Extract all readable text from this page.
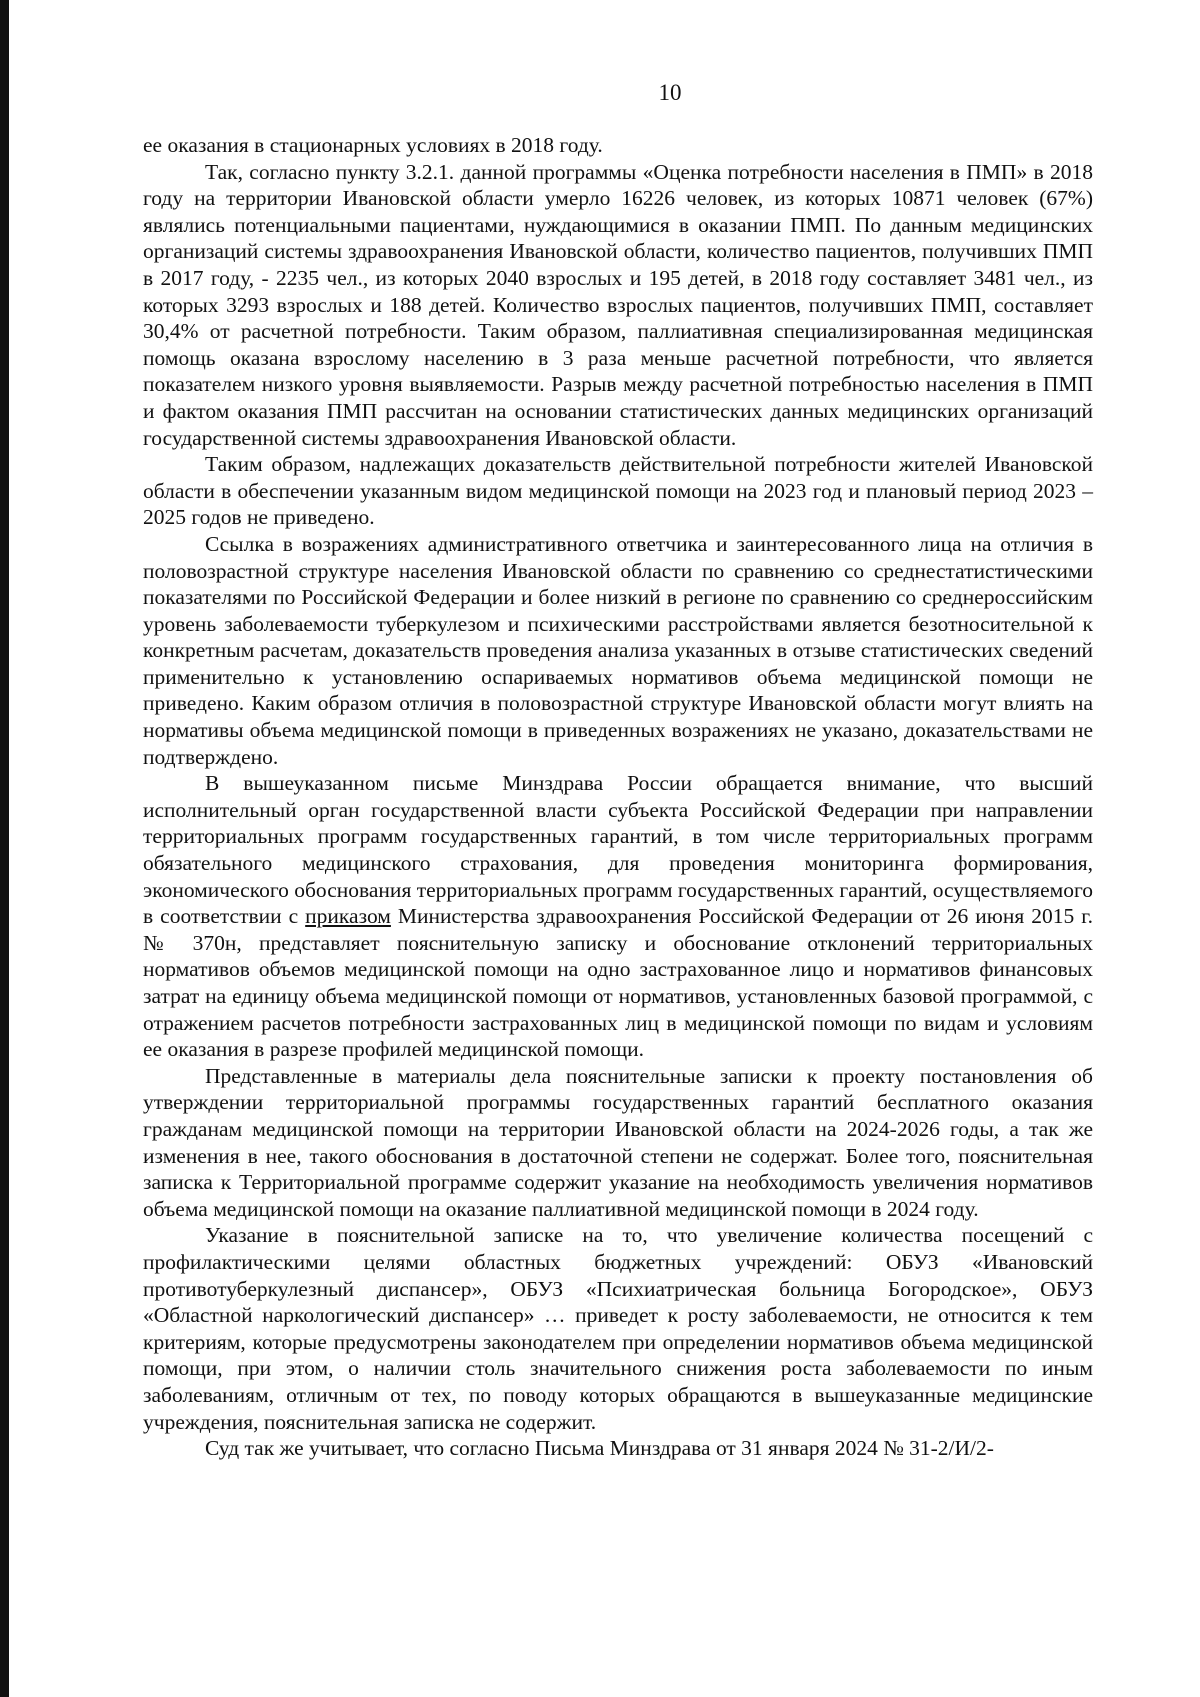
10

ее оказания в стационарных условиях в 2018 году.

Так, согласно пункту 3.2.1. данной программы «Оценка потребности населения в ПМП» в 2018 году на территории Ивановской области умерло 16226 человек, из которых 10871 человек (67%) являлись потенциальными пациентами, нуждающимися в оказании ПМП. По данным медицинских организаций системы здравоохранения Ивановской области, количество пациентов, получивших ПМП в 2017 году, - 2235 чел., из которых 2040 взрослых и 195 детей, в 2018 году составляет 3481 чел., из которых 3293 взрослых и 188 детей. Количество взрослых пациентов, получивших ПМП, составляет 30,4% от расчетной потребности. Таким образом, паллиативная специализированная медицинская помощь оказана взрослому населению в 3 раза меньше расчетной потребности, что является показателем низкого уровня выявляемости. Разрыв между расчетной потребностью населения в ПМП и фактом оказания ПМП рассчитан на основании статистических данных медицинских организаций государственной системы здравоохранения Ивановской области.

Таким образом, надлежащих доказательств действительной потребности жителей Ивановской области в обеспечении указанным видом медицинской помощи на 2023 год и плановый период 2023 – 2025 годов не приведено.

Ссылка в возражениях административного ответчика и заинтересованного лица на отличия в половозрастной структуре населения Ивановской области по сравнению со среднестатистическими показателями по Российской Федерации и более низкий в регионе по сравнению со среднероссийским уровень заболеваемости туберкулезом и психическими расстройствами является безотносительной к конкретным расчетам, доказательств проведения анализа указанных в отзыве статистических сведений применительно к установлению оспариваемых нормативов объема медицинской помощи не приведено. Каким образом отличия в половозрастной структуре Ивановской области могут влиять на нормативы объема медицинской помощи в приведенных возражениях не указано, доказательствами не подтверждено.

В вышеуказанном письме Минздрава России обращается внимание, что высший исполнительный орган государственной власти субъекта Российской Федерации при направлении территориальных программ государственных гарантий, в том числе территориальных программ обязательного медицинского страхования, для проведения мониторинга формирования, экономического обоснования территориальных программ государственных гарантий, осуществляемого в соответствии с приказом Министерства здравоохранения Российской Федерации от 26 июня 2015 г. № 370н, представляет пояснительную записку и обоснование отклонений территориальных нормативов объемов медицинской помощи на одно застрахованное лицо и нормативов финансовых затрат на единицу объема медицинской помощи от нормативов, установленных базовой программой, с отражением расчетов потребности застрахованных лиц в медицинской помощи по видам и условиям ее оказания в разрезе профилей медицинской помощи.

Представленные в материалы дела пояснительные записки к проекту постановления об утверждении территориальной программы государственных гарантий бесплатного оказания гражданам медицинской помощи на территории Ивановской области на 2024-2026 годы, а так же изменения в нее, такого обоснования в достаточной степени не содержат. Более того, пояснительная записка к Территориальной программе содержит указание на необходимость увеличения нормативов объема медицинской помощи на оказание паллиативной медицинской помощи в 2024 году.

Указание в пояснительной записке на то, что увеличение количества посещений с профилактическими целями областных бюджетных учреждений: ОБУЗ «Ивановский противотуберкулезный диспансер», ОБУЗ «Психиатрическая больница Богородское», ОБУЗ «Областной наркологический диспансер» … приведет к росту заболеваемости, не относится к тем критериям, которые предусмотрены законодателем при определении нормативов объема медицинской помощи, при этом, о наличии столь значительного снижения роста заболеваемости по иным заболеваниям, отличным от тех, по поводу которых обращаются в вышеуказанные медицинские учреждения, пояснительная записка не содержит.

Суд так же учитывает, что согласно Письма Минздрава от 31 января 2024 № 31-2/И/2-
